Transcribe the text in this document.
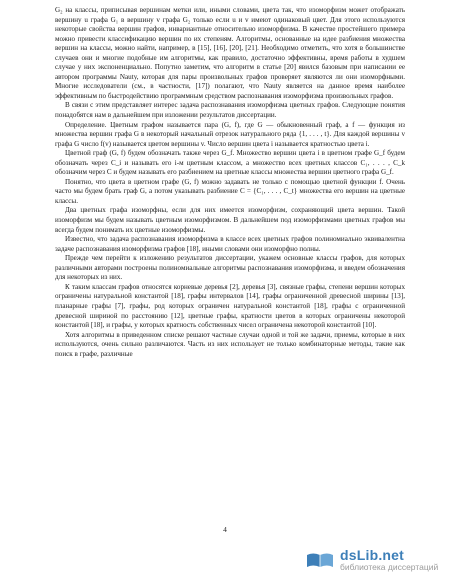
G₂ на классы, приписывая вершинам метки или, иными словами, цвета так, что изоморфизм может отображать вершину u графа G₁ в вершину v графа G₂ только если u и v имеют одинаковый цвет. Для этого используются некоторые свойства вершин графов, инвариантные относительно изоморфизма. В качестве простейшего примера можно привести классификацию вершин по их степеням. Алгоритмы, основанные на идее разбиения множества вершин на классы, можно найти, например, в [15], [16], [20], [21]. Необходимо отметить, что хотя в большинстве случаев они и многие подобные им алгоритмы, как правило, достаточно эффективны, время работы в худшем случае у них экспоненциально. Попутно заметим, что алгоритм в статье [20] явился базовым при написании ее автором программы Nauty, которая для пары произвольных графов проверяет являются ли они изоморфными. Многие исследователи (см., в частности, [17]) полагают, что Nauty является на данное время наиболее эффективным по быстродействию программным средством распознавания изоморфизма произвольных графов.

В связи с этим представляет интерес задача распознавания изоморфизма цветных графов. Следующие понятия понадобятся нам в дальнейшем при изложении результатов диссертации.

Определение. Цветным графом называется пара (G, f), где G — обыкновенный граф, а f — функция из множества вершин графа G в некоторый начальный отрезок натурального ряда {1, . . . , t}. Для каждой вершины v графа G число f(v) называется цветом вершины v. Число вершин цвета i называется кратностью цвета i.

Цветной граф (G, f) будем обозначать также через G_f. Множество вершин цвета i в цветном графе G_f будем обозначать через C_i и называть его i-м цветным классом, а множество всех цветных классов C₁, . . . , C_k обозначим через C и будем называть его разбиением на цветные классы множества вершин цветного графа G_f.

Понятно, что цвета в цветном графе (G, f) можно задавать не только с помощью цветной функции f. Очень часто мы будем брать граф G, а потом указывать разбиение C = {C₁, . . . , C_t} множества его вершин на цветные классы.

Два цветных графа изоморфны, если для них имеется изоморфизм, сохраняющий цвета вершин. Такой изоморфизм мы будем называть цветным изоморфизмом. В дальнейшем под изоморфизмами цветных графов мы всегда будем понимать их цветные изоморфизмы.

Известно, что задача распознавания изоморфизма в классе всех цветных графов полиномиально эквивалентна задаче распознавания изоморфизма графов [18], иными словами они изоморфно полны.

Прежде чем перейти к изложению результатов диссертации, укажем основные классы графов, для которых различными авторами построены полиномиальные алгоритмы распознавания изоморфизма, и введем обозначения для некоторых из них.

К таким классам графов относятся корневые деревья [2], деревья [3], связные графы, степени вершин которых ограничены натуральной константой [18], графы интервалов [14], графы ограниченной древесной ширины [13], планарные графы [7], графы, род которых ограничен натуральной константой [18], графы с ограниченной древесной шириной по расстоянию [12], цветные графы, кратности цветов в которых ограничены некоторой константой [18], и графы, у которых кратность собственных чисел ограничена некоторой константой [10].

Хотя алгоритмы в приведенном списке решают частные случаи одной и той же задачи, приемы, которые в них используются, очень сильно различаются. Часть из них использует не только комбинаторные методы, такие как поиск в графе, различные

4
dsLib.net
библиотека диссертаций
